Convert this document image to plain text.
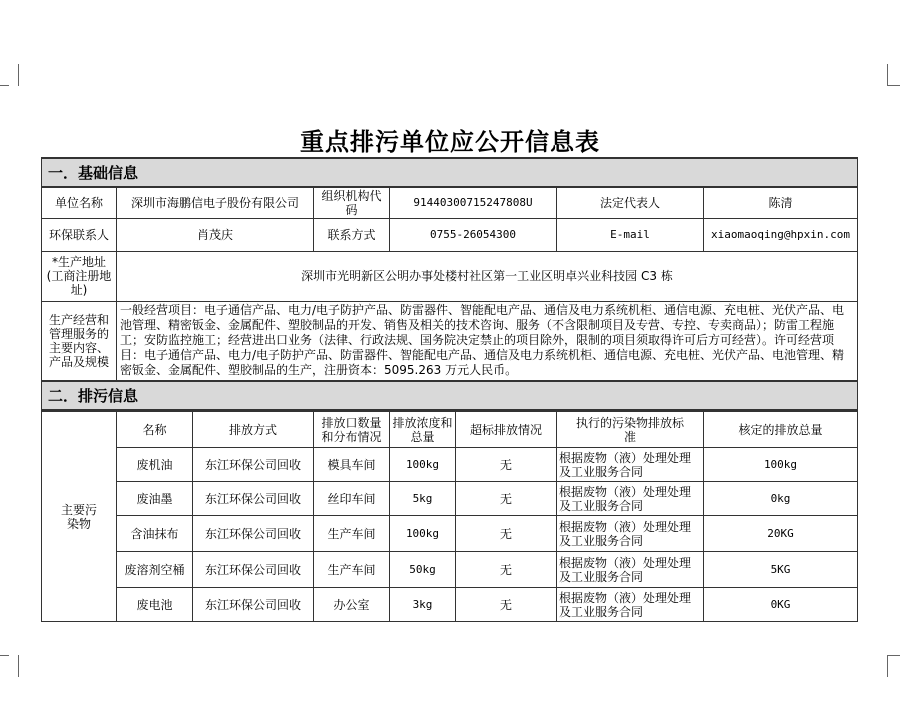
重点排污单位应公开信息表
一．基础信息					
单位名称	深圳市海鹏信电子股份有限公司	组织机构代码	91440300715247808U	法定代表人	陈清
环保联系人	肖茂庆	联系方式	0755-26054300	E-mail	xiaomaoqing@hpxin.com
*生产地址(工商注册地址)	深圳市光明新区公明办事处楼村社区第一工业区明卓兴业科技园 C3 栋				
生产经营和管理服务的主要内容、产品及规模	一般经营项目：电子通信产品、电力/电子防护产品、防雷器件、智能配电产品、通信及电力系统机柜、通信电源、充电桩、光伏产品、电池管理、精密钣金、金属配件、塑胶制品的开发、销售及相关的技术咨询、服务（不含限制项目及专营、专控、专卖商品）；防雷工程施工；安防监控施工；经营进出口业务（法律、行政法规、国务院决定禁止的项目除外，限制的项目须取得许可后方可经营）。许可经营项目：电子通信产品、电力/电子防护产品、防雷器件、智能配电产品、通信及电力系统机柜、通信电源、充电桩、光伏产品、电池管理、精密钣金、金属配件、塑胶制品的生产，注册资本：5095.263 万元人民币。				
二．排污信息					
主要污染物	名称	排放方式	排放口数量和分布情况	排放浓度和总量	超标排放情况	执行的污染物排放标准	核定的排放总量
	废机油	东江环保公司回收	模具车间	100kg	无	根据废物（液）处理处理及工业服务合同	100kg
	废油墨	东江环保公司回收	丝印车间	5kg	无	根据废物（液）处理处理及工业服务合同	0kg
	含油抹布	东江环保公司回收	生产车间	100kg	无	根据废物（液）处理处理及工业服务合同	20KG
	废溶剂空桶	东江环保公司回收	生产车间	50kg	无	根据废物（液）处理处理及工业服务合同	5KG
	废电池	东江环保公司回收	办公室	3kg	无	根据废物（液）处理处理及工业服务合同	0KG
